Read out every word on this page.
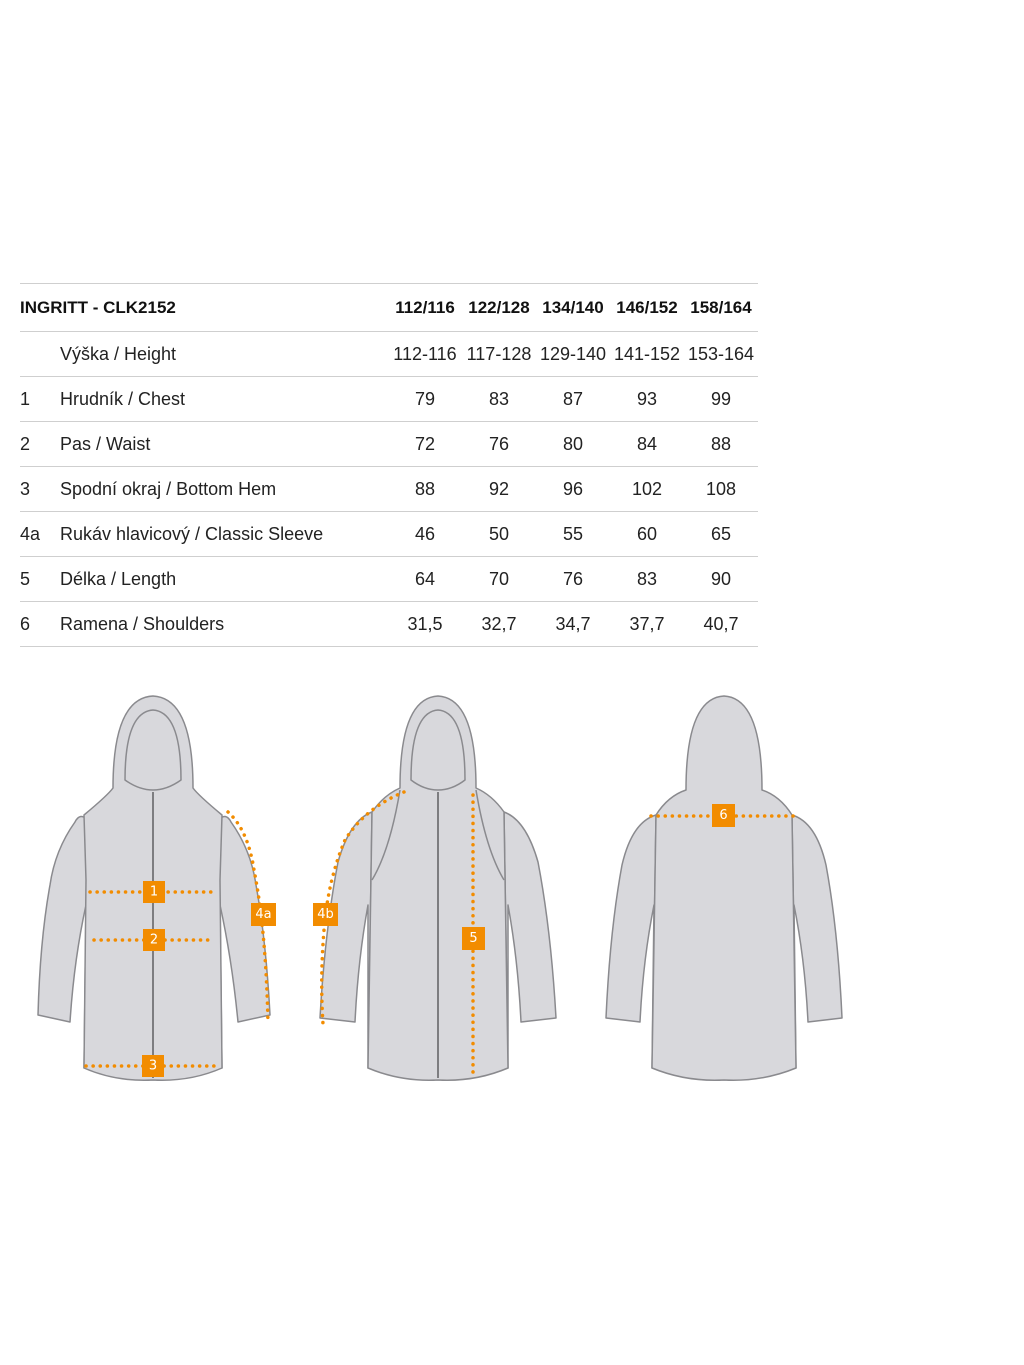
INGRITT - CLK2152		112/116	122/128	134/140	146/152	158/164
	Výška / Height	112-116	117-128	129-140	141-152	153-164
1	Hrudník / Chest	79	83	87	93	99
2	Pas / Waist	72	76	80	84	88
3	Spodní okraj / Bottom Hem	88	92	96	102	108
4a	Rukáv hlavicový / Classic Sleeve	46	50	55	60	65
5	Délka / Length	64	70	76	83	90
6	Ramena / Shoulders	31,5	32,7	34,7	37,7	40,7
1
2
3
4a	4b
5
6
